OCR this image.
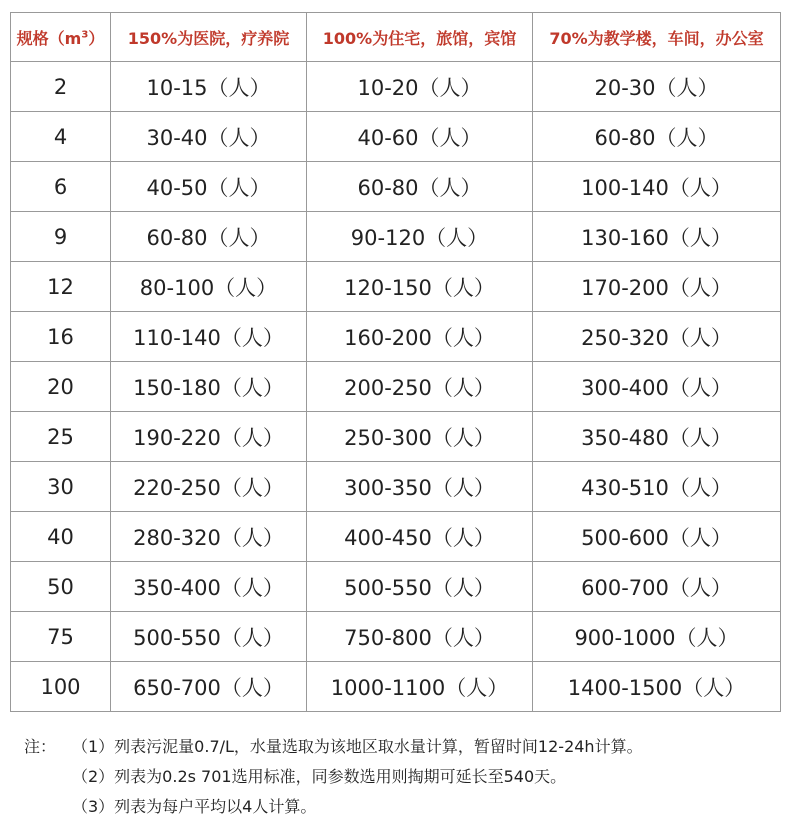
规格$(m^3)$	150%为医院，疗养院	100%为住宅，旅馆，宾馆	70%为教学楼，车间，办公室
2	10-15（人）	10-20（人）	20-30（人）
4	30-40（人）	40-60（人）	60-80（人）
6	40-50（人）	60-80（人）	100-140（人）
9	60-80（人）	90-120（人）	130-160（人）
12	80-100（人）	120-150（人）	170-200（人）
16	110-140（人）	160-200（人）	250-320（人）
20	150-180（人）	200-250（人）	300-400（人）
25	190-220（人）	250-300（人）	350-480（人）
30	220-250（人）	300-350（人）	430-510（人）
40	280-320（人）	400-450（人）	500-600（人）
50	350-400（人）	500-550（人）	600-700（人）
75	500-550（人）	750-800（人）	900-1000（人）
100	650-700（人）	1000-1100（人）	1400-1500（人）
注： （1）列表污泥量0.7/L，水量选取为该地区取水量计算，暂留时间12-24h计算。
（2）列表为0.2s 701选用标准，同参数选用则掏期可延长至540天。
（3）列表为每户平均以4人计算。
